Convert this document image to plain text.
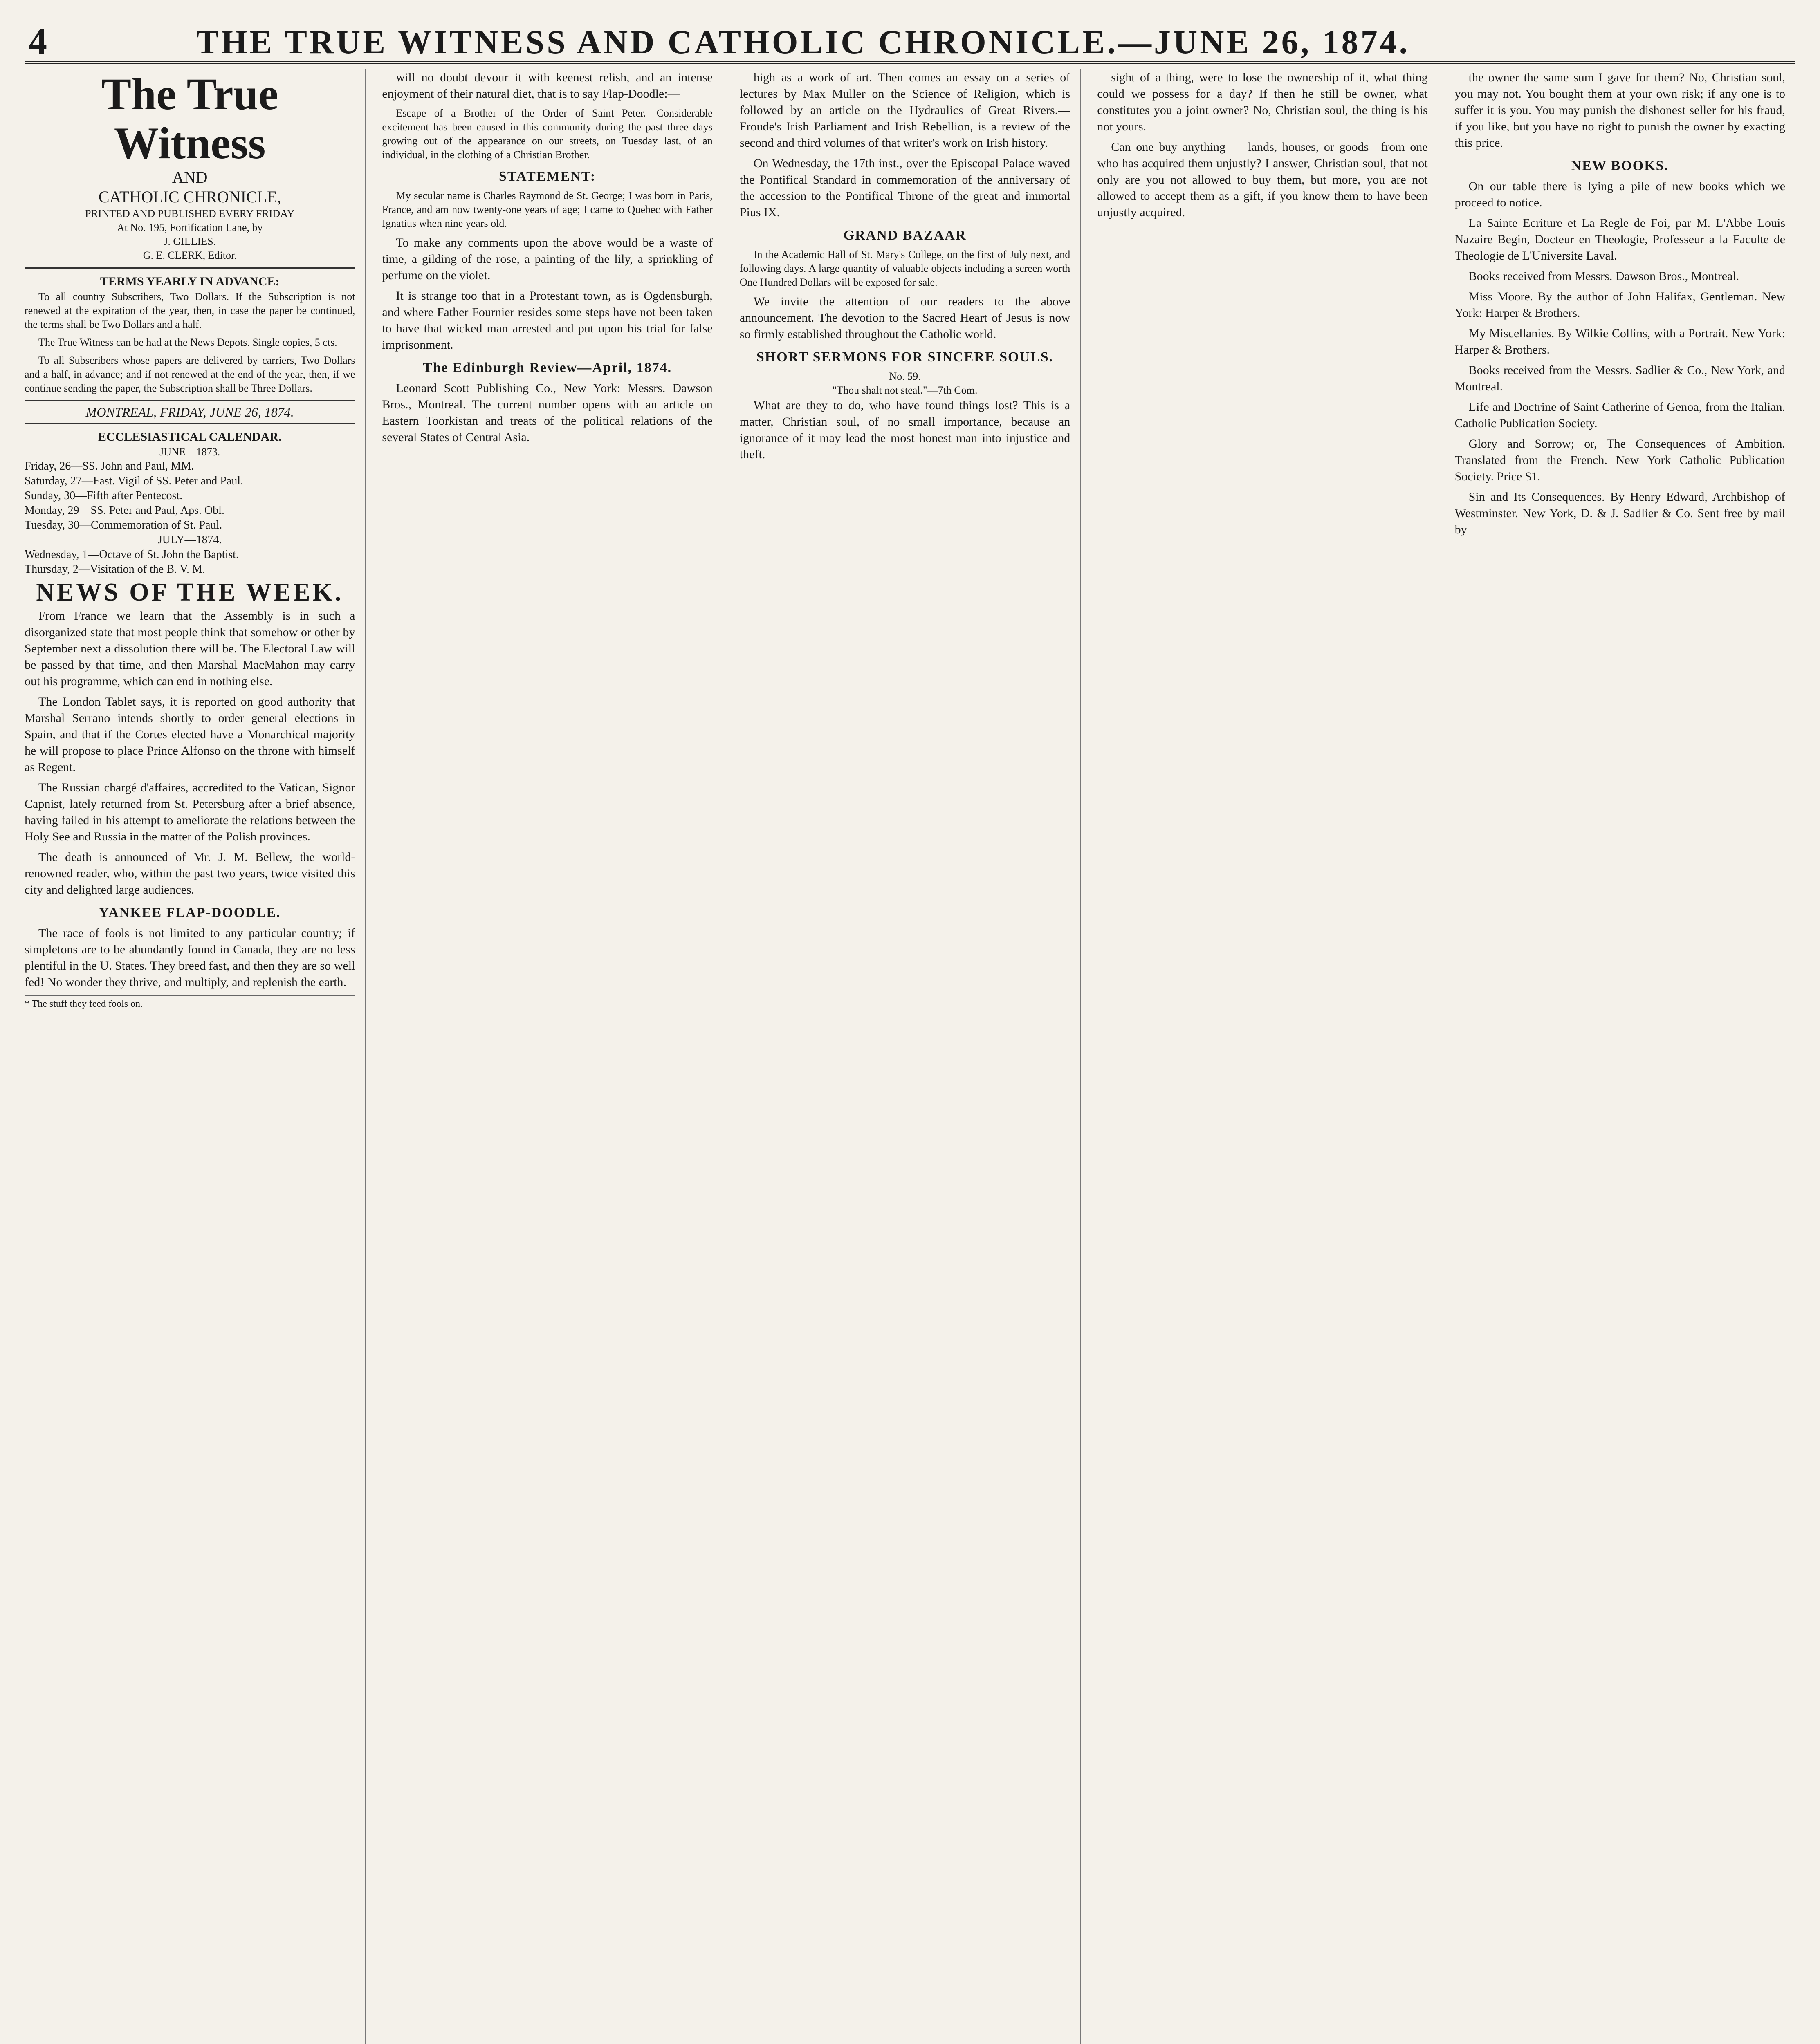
4	THE TRUE WITNESS AND CATHOLIC CHRONICLE.—JUNE 26, 1874.
The True Witness
AND
CATHOLIC CHRONICLE,
PRINTED AND PUBLISHED EVERY FRIDAY
At No. 195, Fortification Lane, by
J. GILLIES.
G. E. CLERK, Editor.
TERMS YEARLY IN ADVANCE:

To all country Subscribers, Two Dollars. If the Subscription is not renewed at the expiration of the year, then, in case the paper be continued, the terms shall be Two Dollars and a half.

The True Witness can be had at the News Depots. Single copies, 5 cts.

To all Subscribers whose papers are delivered by carriers, Two Dollars and a half, in advance; and if not renewed at the end of the year, then, if we continue sending the paper, the Subscription shall be Three Dollars.

MONTREAL, FRIDAY, JUNE 26, 1874.
ECCLESIASTICAL CALENDAR.
JUNE—1873.
Friday, 26—SS. John and Paul, MM.
Saturday, 27—Fast. Vigil of SS. Peter and Paul.
Sunday, 30—Fifth after Pentecost.
Monday, 29—SS. Peter and Paul, Aps. Obl.
Tuesday, 30—Commemoration of St. Paul.
JULY—1874.
Wednesday, 1—Octave of St. John the Baptist.
Thursday, 2—Visitation of the B. V. M.
NEWS OF THE WEEK.

From France we learn that the Assembly is in such a disorganized state that most people think that somehow or other by September next a dissolution there will be. The Electoral Law will be passed by that time, and then Marshal MacMahon may carry out his programme, which can end in nothing else.

The London Tablet says, it is reported on good authority that Marshal Serrano intends shortly to order general elections in Spain, and that if the Cortes elected have a Monarchical majority he will propose to place Prince Alfonso on the throne with himself as Regent.

The Russian chargé d'affaires, accredited to the Vatican, Signor Capnist, lately returned from St. Petersburg after a brief absence, having failed in his attempt to ameliorate the relations between the Holy See and Russia in the matter of the Polish provinces.

The death is announced of Mr. J. M. Bellew, the world-renowned reader, who, within the past two years, twice visited this city and delighted large audiences.

YANKEE FLAP-DOODLE.

The race of fools is not limited to any particular country; if simpletons are to be abundantly found in Canada, they are no less plentiful in the U. States. They breed fast, and then they are so well fed! No wonder they thrive, and multiply, and replenish the earth.

* The stuff they feed fools on.

will no doubt devour it with keenest relish, and an intense enjoyment of their natural diet, that is to say Flap-Doodle:—

Escape of a Brother of the Order of Saint Peter.—Considerable excitement has been caused in this community during the past three days growing out of the appearance on our streets, on Tuesday last, of an individual, in the clothing of a Christian Brother.

STATEMENT:

My secular name is Charles Raymond de St. George; I was born in Paris, France, and am now twenty-one years of age; I came to Quebec with Father Ignatius when nine years old.

To make any comments upon the above would be a waste of time, a gilding of the rose, a painting of the lily, a sprinkling of perfume on the violet.

It is strange too that in a Protestant town, as is Ogdensburgh, and where Father Fournier resides some steps have not been taken to have that wicked man arrested and put upon his trial for false imprisonment.

The Edinburgh Review—April, 1874.

Leonard Scott Publishing Co., New York: Messrs. Dawson Bros., Montreal. The current number opens with an article on Eastern Toorkistan and treats of the political relations of the several States of Central Asia.

high as a work of art. Then comes an essay on a series of lectures by Max Muller on the Science of Religion, which is followed by an article on the Hydraulics of Great Rivers.—Froude's Irish Parliament and Irish Rebellion, is a review of the second and third volumes of that writer's work on Irish history.

On Wednesday, the 17th inst., over the Episcopal Palace waved the Pontifical Standard in commemoration of the anniversary of the accession to the Pontifical Throne of the great and immortal Pius IX.

GRAND BAZAAR

In the Academic Hall of St. Mary's College, on the first of July next, and following days. A large quantity of valuable objects including a screen worth One Hundred Dollars will be exposed for sale.

We invite the attention of our readers to the above announcement. The devotion to the Sacred Heart of Jesus is now so firmly established throughout the Catholic world.

SHORT SERMONS FOR SINCERE SOULS.
No. 59.
"Thou shalt not steal."—7th Com.

What are they to do, who have found things lost? This is a matter, Christian soul, of no small importance, because an ignorance of it may lead the most honest man into injustice and theft.

sight of a thing, were to lose the ownership of it, what thing could we possess for a day? If then he still be owner, what constitutes you a joint owner? No, Christian soul, the thing is his not yours.

Can one buy anything — lands, houses, or goods—from one who has acquired them unjustly? I answer, Christian soul, that not only are you not allowed to buy them, but more, you are not allowed to accept them as a gift, if you know them to have been unjustly acquired.

the owner the same sum I gave for them? No, Christian soul, you may not. You bought them at your own risk; if any one is to suffer it is you. You may punish the dishonest seller for his fraud, if you like, but you have no right to punish the owner by exacting this price.

NEW BOOKS.

On our table there is lying a pile of new books which we proceed to notice.

La Sainte Ecriture et La Regle de Foi, par M. L'Abbe Louis Nazaire Begin, Docteur en Theologie, Professeur a la Faculte de Theologie de L'Universite Laval.

Books received from Messrs. Dawson Bros., Montreal.

Miss Moore. By the author of John Halifax, Gentleman. New York: Harper & Brothers.

My Miscellanies. By Wilkie Collins, with a Portrait. New York: Harper & Brothers.

Books received from the Messrs. Sadlier & Co., New York, and Montreal.

Life and Doctrine of Saint Catherine of Genoa, from the Italian. Catholic Publication Society.

Glory and Sorrow; or, The Consequences of Ambition. Translated from the French. New York Catholic Publication Society. Price $1.

Sin and Its Consequences. By Henry Edward, Archbishop of Westminster. New York, D. & J. Sadlier & Co. Sent free by mail by
